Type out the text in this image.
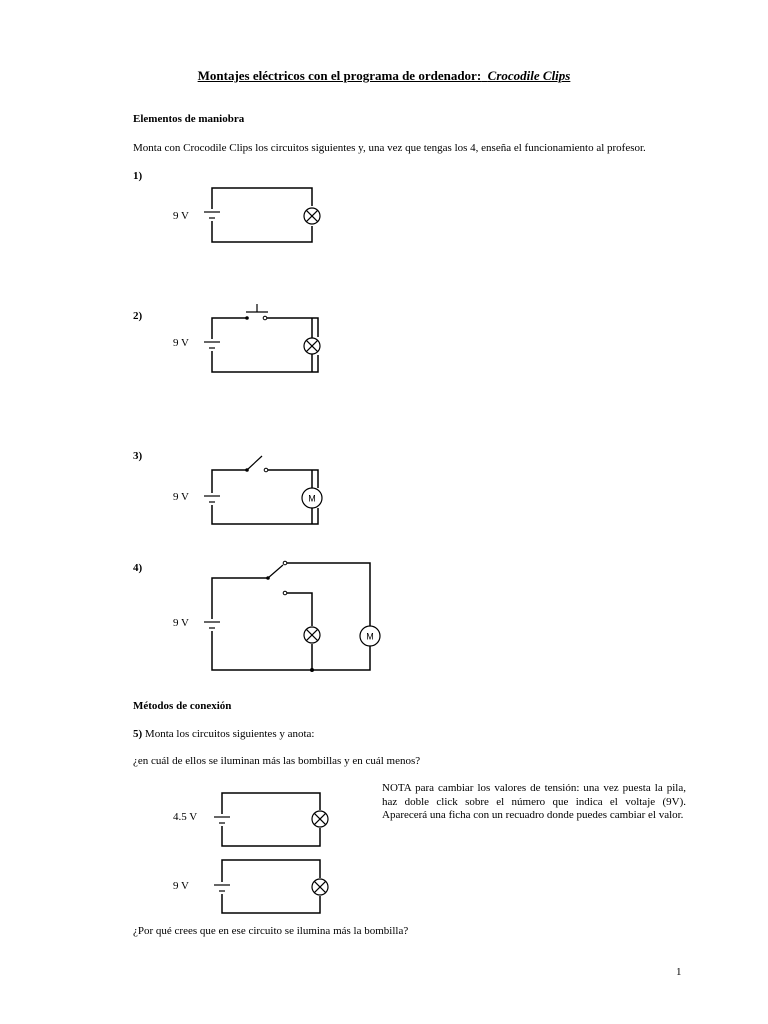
Montajes eléctricos con el programa de ordenador: Crocodile Clips
Elementos de maniobra
Monta con Crocodile Clips los circuitos siguientes y, una vez que tengas los 4, enseña el funcionamiento al profesor.
1)
9 V
2)
9 V
3)
9 V
4)
9 V
Métodos de conexión
5) Monta los circuitos siguientes y anota:
¿en cuál de ellos se iluminan más las bombillas y en cuál menos?
NOTA para cambiar los valores de tensión: una vez puesta la pila, haz doble click sobre el número que indica el voltaje (9V). Aparecerá una ficha con un recuadro donde puedes cambiar el valor.
4.5 V
9 V
¿Por qué crees que en ese circuito se ilumina más la bombilla?
1
M
M
